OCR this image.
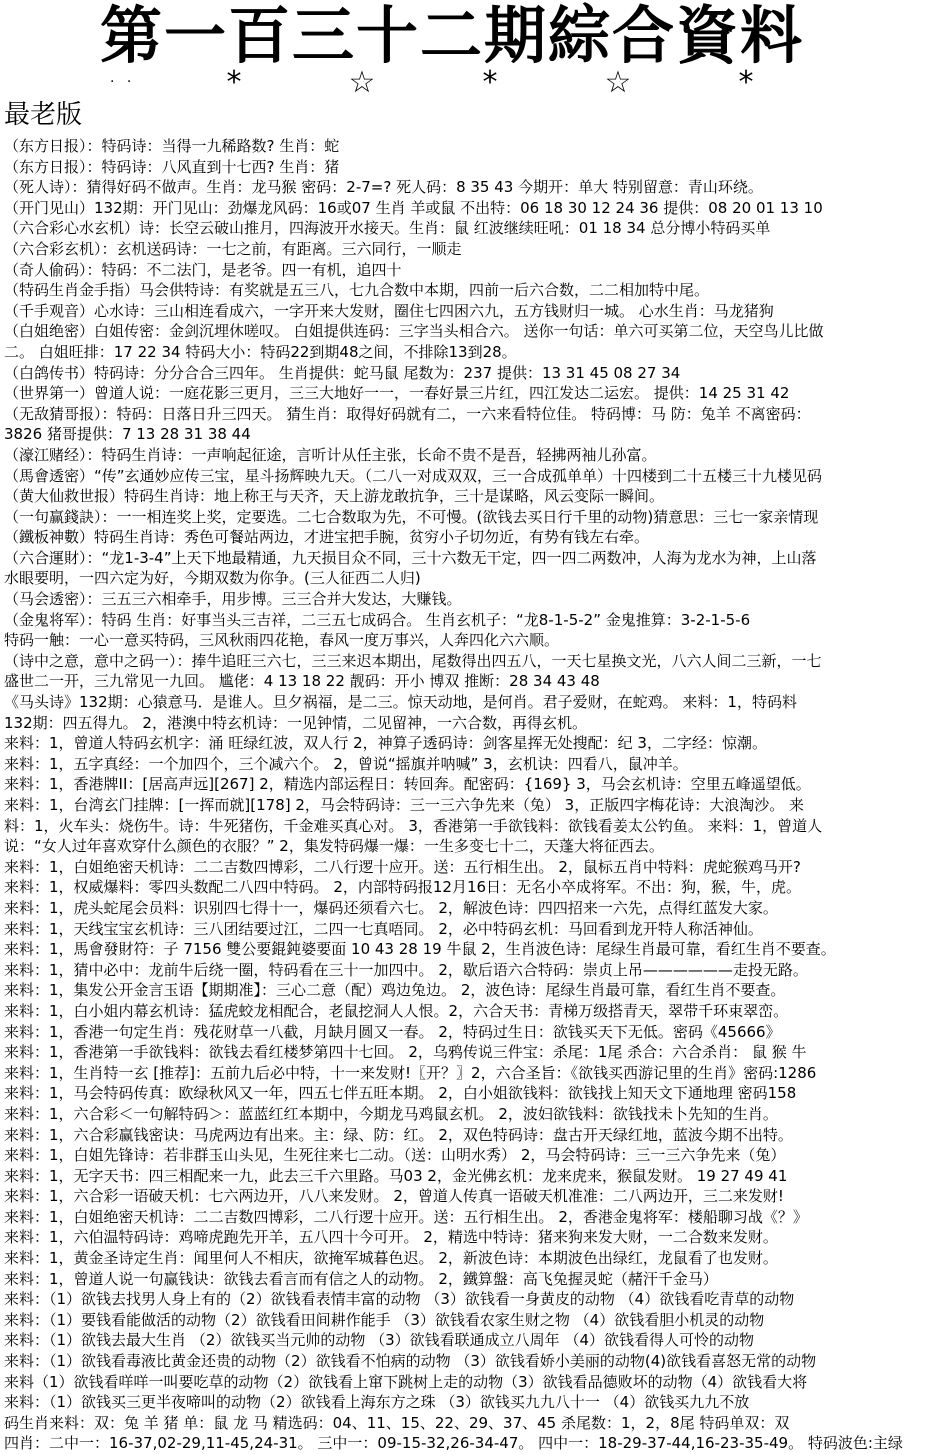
第一百三十二期綜合資料
· ·	*	☆	*	☆	*
最老版
（东方日报）：特码诗：当得一九稀路数? 生肖：蛇
（东方日报）：特码诗：八风直到十七西? 生肖：猪
（死人诗）：猜得好码不做声。生肖：龙马猴 密码：2-7=? 死人码：8 35 43 今期开：单大 特别留意：青山环绕。
（开门见山）132期：开门见山：劲爆龙风码：16或07 生肖 羊或鼠 不出特：06 18 30 12 24 36 提供：08 20 01 13 10
（六合彩心水玄机）诗：长空云破山推月，四海波开水接天。生肖：鼠 红波继续旺吼：01 18 34 总分博小特码买单
（六合彩玄机）：玄机送码诗：一七之前，有距离。三六同行，一顺走
（奇人偷码）：特码：不二法门，是老爷。四一有机，追四十
（特码生肖金手指）马会供特诗：有奖就是五三八，七九合数中本期，四前一后六合数，二二相加特中尾。
（千手观音）心水诗：三山相连看成六，一字开来大发财，圈住七四困六九，五方钱财归一城。 心水生肖：马龙猪狗
（白姐绝密）白姐传密：金剑沉埋休嗟叹。 白姐提供连码：三字当头相合六。 送你一句话：单六可买第二位，天空鸟儿比做
二。 白姐旺排：17 22 34 特码大小：特码22到期48之间，不排除13到28。
（白鸽传书）特码诗：分分合合三四年。 生肖提供：蛇马鼠 尾数为：237 提供：13 31 45 08 27 34
（世界第一）曾道人说：一庭花影三更月，三三大地好一一，一春好景三片红，四江发达二运宏。 提供：14 25 31 42
（无敌猜哥报）：特码：日落日升三四天。 猜生肖：取得好码就有二，一六来看特位佳。 特码博：马 防：兔羊 不离密码：
3826 猪哥提供：7 13 28 31 38 44
（濠江赌经）：特码生肖诗：一声响起征途，言听计从任主张，长命不贵不是吾，轻拂两袖儿孙富。
（馬會透密）“传”玄通妙应传三宝，星斗扬辉映九天。（二八一对成双双，三一合成孤单单）十四楼到二十五楼三十九楼见码
（黄大仙救世报）特码生肖诗：地上称王与天齐，天上游龙敢抗争，三十是谋略，风云变际一瞬间。
（一句赢錢訣）：一一相连奖上奖，定要选。二七合数取为先，不可慢。(欲钱去买日行千里的动物)猜意思：三七一家亲情现
（鐵板神數）特码生肖诗：秀色可餐站两边，才进宝把手腕，贫穷小子切勿近，有势有钱左右牵。
（六合運財）：“龙1-3-4”上天下地最精通，九天损目众不同，三十六数无干定，四一四二两数冲，人海为龙水为神，上山落
水眼要明，一四六定为好，今期双数为你争。(三人征西二人归)
（马会透密）：三五三六相牵手，用步博。三三合并大发达，大赚钱。
（金鬼将军）：特码 生肖：好事当头三吉祥，二三五七成码合。 生肖玄机子：“龙8-1-5-2” 金鬼推算：3-2-1-5-6
特码一触：一心一意买特码，三风秋雨四花艳，春风一度万事兴，人奔四化六六顺。
（诗中之意，意中之码一）：捧牛追旺三六七，三三来迟本期出，尾数得出四五八，一天七星换文光，八六人间二三新，一七
盛世二一开，三九常见一九回。 尴佬：4 13 18 22 靓码：开小 博双 推断：28 34 43 48
《马头诗》132期：心猿意马．是谁人。旦夕祸福，是二三。惊天动地，是何肖。君子爱财，在蛇鸡。 来料：1，特码料
132期：四五得九。 2，港澳中特玄机诗：一见钟情，二见留神，一六合数，再得玄机。
来料：1，曾道人特码玄机字：涌 旺绿红波，双人行 2，神算子透码诗：剑客星挥无处搜配：纪 3，二字经：惊潮。
来料：1，五字真经：一个加四个，三个减六个。 2，曾说“摇旗并呐喊” 3，玄机诀：四看八，鼠冲羊。
来料：1，香港牌II：[居高声远][267] 2，精选内部运程日：转回奔。配密码：{169} 3，马会玄机诗：空里五峰遥望低。
来料：1，台湾玄门挂牌：[一挥而就][178] 2，马会特码诗：三一三六争先来（兔） 3，正版四字梅花诗：大浪淘沙。 来
料：1，火车头：烧伤牛。诗：牛死猪伤，千金难买真心对。 3，香港第一手欲钱料：欲钱看姜太公钓鱼。 来料：1，曾道人
说：“女人过年喜欢穿什么颜色的衣服？” 2，集发特码爆一爆：一生多变七十二，天蓬大将征西去。
来料：1，白姐绝密天机诗：二二吉数四博彩，二八行逻十应开。送：五行相生出。 2，鼠标五肖中特料：虎蛇猴鸡马开?
来料：1，权威爆料：零四头数配二八四中特码。 2，内部特码报12月16日：无名小卒成将军。不出：狗，猴，牛，虎。
来料：1，虎头蛇尾会员料：识别四七得十一，爆码还须看六七。 2，解波色诗：四四招来一六先，点得红蓝发大家。
来料：1，天线宝宝玄机诗：三八团结要过江，二四一七真唔同。 2，必中特码玄机：马回看到龙开特人称活神仙。
来料：1，馬會發財符：子 7156 雙公要錕鈍婆要面 10 43 28 19 牛鼠 2，生肖波色诗：尾绿生肖最可靠，看红生肖不要查。
来料：1，猜中必中：龙前牛后绕一圈，特码看在三十一加四中。 2，歇后语六合特码：崇贞上吊——————走投无路。
来料：1，集发公开金言玉语【期期准】：三心二意（配）鸡边兔边。 2，波色诗：尾绿生肖最可靠，看红生肖不要查。
来料：1，白小姐内幕玄机诗：猛虎蛟龙相配合，老鼠挖洞人人恨。2，六合天书：青梯万级搭青天，翠带千环束翠峦。
来料：1，香港一句定生肖：残花财草一八截，月缺月圆又一春。 2，特码过生日：欲钱买天下无低。密码《45666》
来料：1，香港第一手欲钱料：欲钱去看红楼梦第四十七回。 2，乌鸦传说三件宝：杀尾：1尾 杀合：六合杀肖： 鼠 猴 牛
来料：1，生肖特一玄 [推荐]：五前九后必中特，十一来发财!〖开？〗2，六合圣旨：《欲钱买西游记里的生肖》密码:1286
来料：1，马会特码传真：欧绿秋风又一年，四五七伴五旺本期。 2，白小姐欲钱料：欲钱找上知天文下通地理 密码158
来料：1，六合彩＜一句解特码＞：蓝蓝红红本期中，今期龙马鸡鼠玄机。 2，波妇欲钱料：欲钱找未卜先知的生肖。
来料：1，六合彩赢钱密诀：马虎两边有出来。主：绿、防：红。 2，双色特码诗：盘古开天绿红地，蓝波今期不出特。
来料：1，白姐先锋诗：若非群玉山头见，生死往来七二动。（送：山明水秀） 2，马会特码诗：三一三六争先来（兔）
来料：1，无字天书：四三相配来一九，此去三千六里路。马03 2，金光佛玄机：龙来虎来，猴鼠发财。 19 27 49 41
来料：1，六合彩一语破天机：七六两边开，八八来发财。 2，曾道人传真一语破天机准准：二八两边开，三二来发财!
来料：1，白姐绝密天机诗：二二吉数四博彩，二八行逻十应开。送：五行相生出。 2，香港金鬼将军：楼船聊习战《？》
来料：1，六伯温特码诗：鸡啼虎跑先开羊，五八四十今可开。 2，精选中特诗：猪来狗来发大财，一二合数来发财。
来料：1，黄金圣诗定生肖：闻里何人不相庆，欲掩军城暮色迟。 2，新波色诗：本期波色出绿红，龙鼠看了也发财。
来料：1，曾道人说一句赢钱诀：欲钱去看言而有信之人的动物。 2，鐵算盤：高飞兔握灵蛇（赭汗千金马）
来料：（1）欲钱去找男人身上有的（2）欲钱看表情丰富的动物 （3）欲钱看一身黄皮的动物 （4）欲钱看吃青草的动物
来料：（1）要钱看能做活的动物（2）欲钱看田间耕作能手 （3）欲钱看农家生财之物 （4）欲钱看胆小机灵的动物
来料：（1）欲钱去最大生肖 （2）欲钱买当元帅的动物 （3）欲钱看联通成立八周年 （4）欲钱看得人可怜的动物
来料：（1）欲钱看毒液比黄金还贵的动物（2）欲钱看不怕病的动物 （3）欲钱看娇小美丽的动物(4)欲钱看喜怒无常的动物
来料（1）欲钱看咩咩一叫要吃草的动物（2）欲钱看上窜下跳树上走的动物（3）欲钱看品德败坏的动物（4）欲钱看大将
来料：（1）欲钱买三更半夜啼叫的动物（2）欲钱看上海东方之珠 （3）欲钱买九九八十一 （4）欲钱买九九不放
码生肖来料：双：兔 羊 猪 单：鼠 龙 马 精选码：04、11、15、22、29、37、45 杀尾数：1，2，8尾 特码单双：双
四肖：二中一：16-37,02-29,11-45,24-31。 三中一：09-15-32,26-34-47。 四中一：18-29-37-44,16-23-35-49。 特码波色:主绿
